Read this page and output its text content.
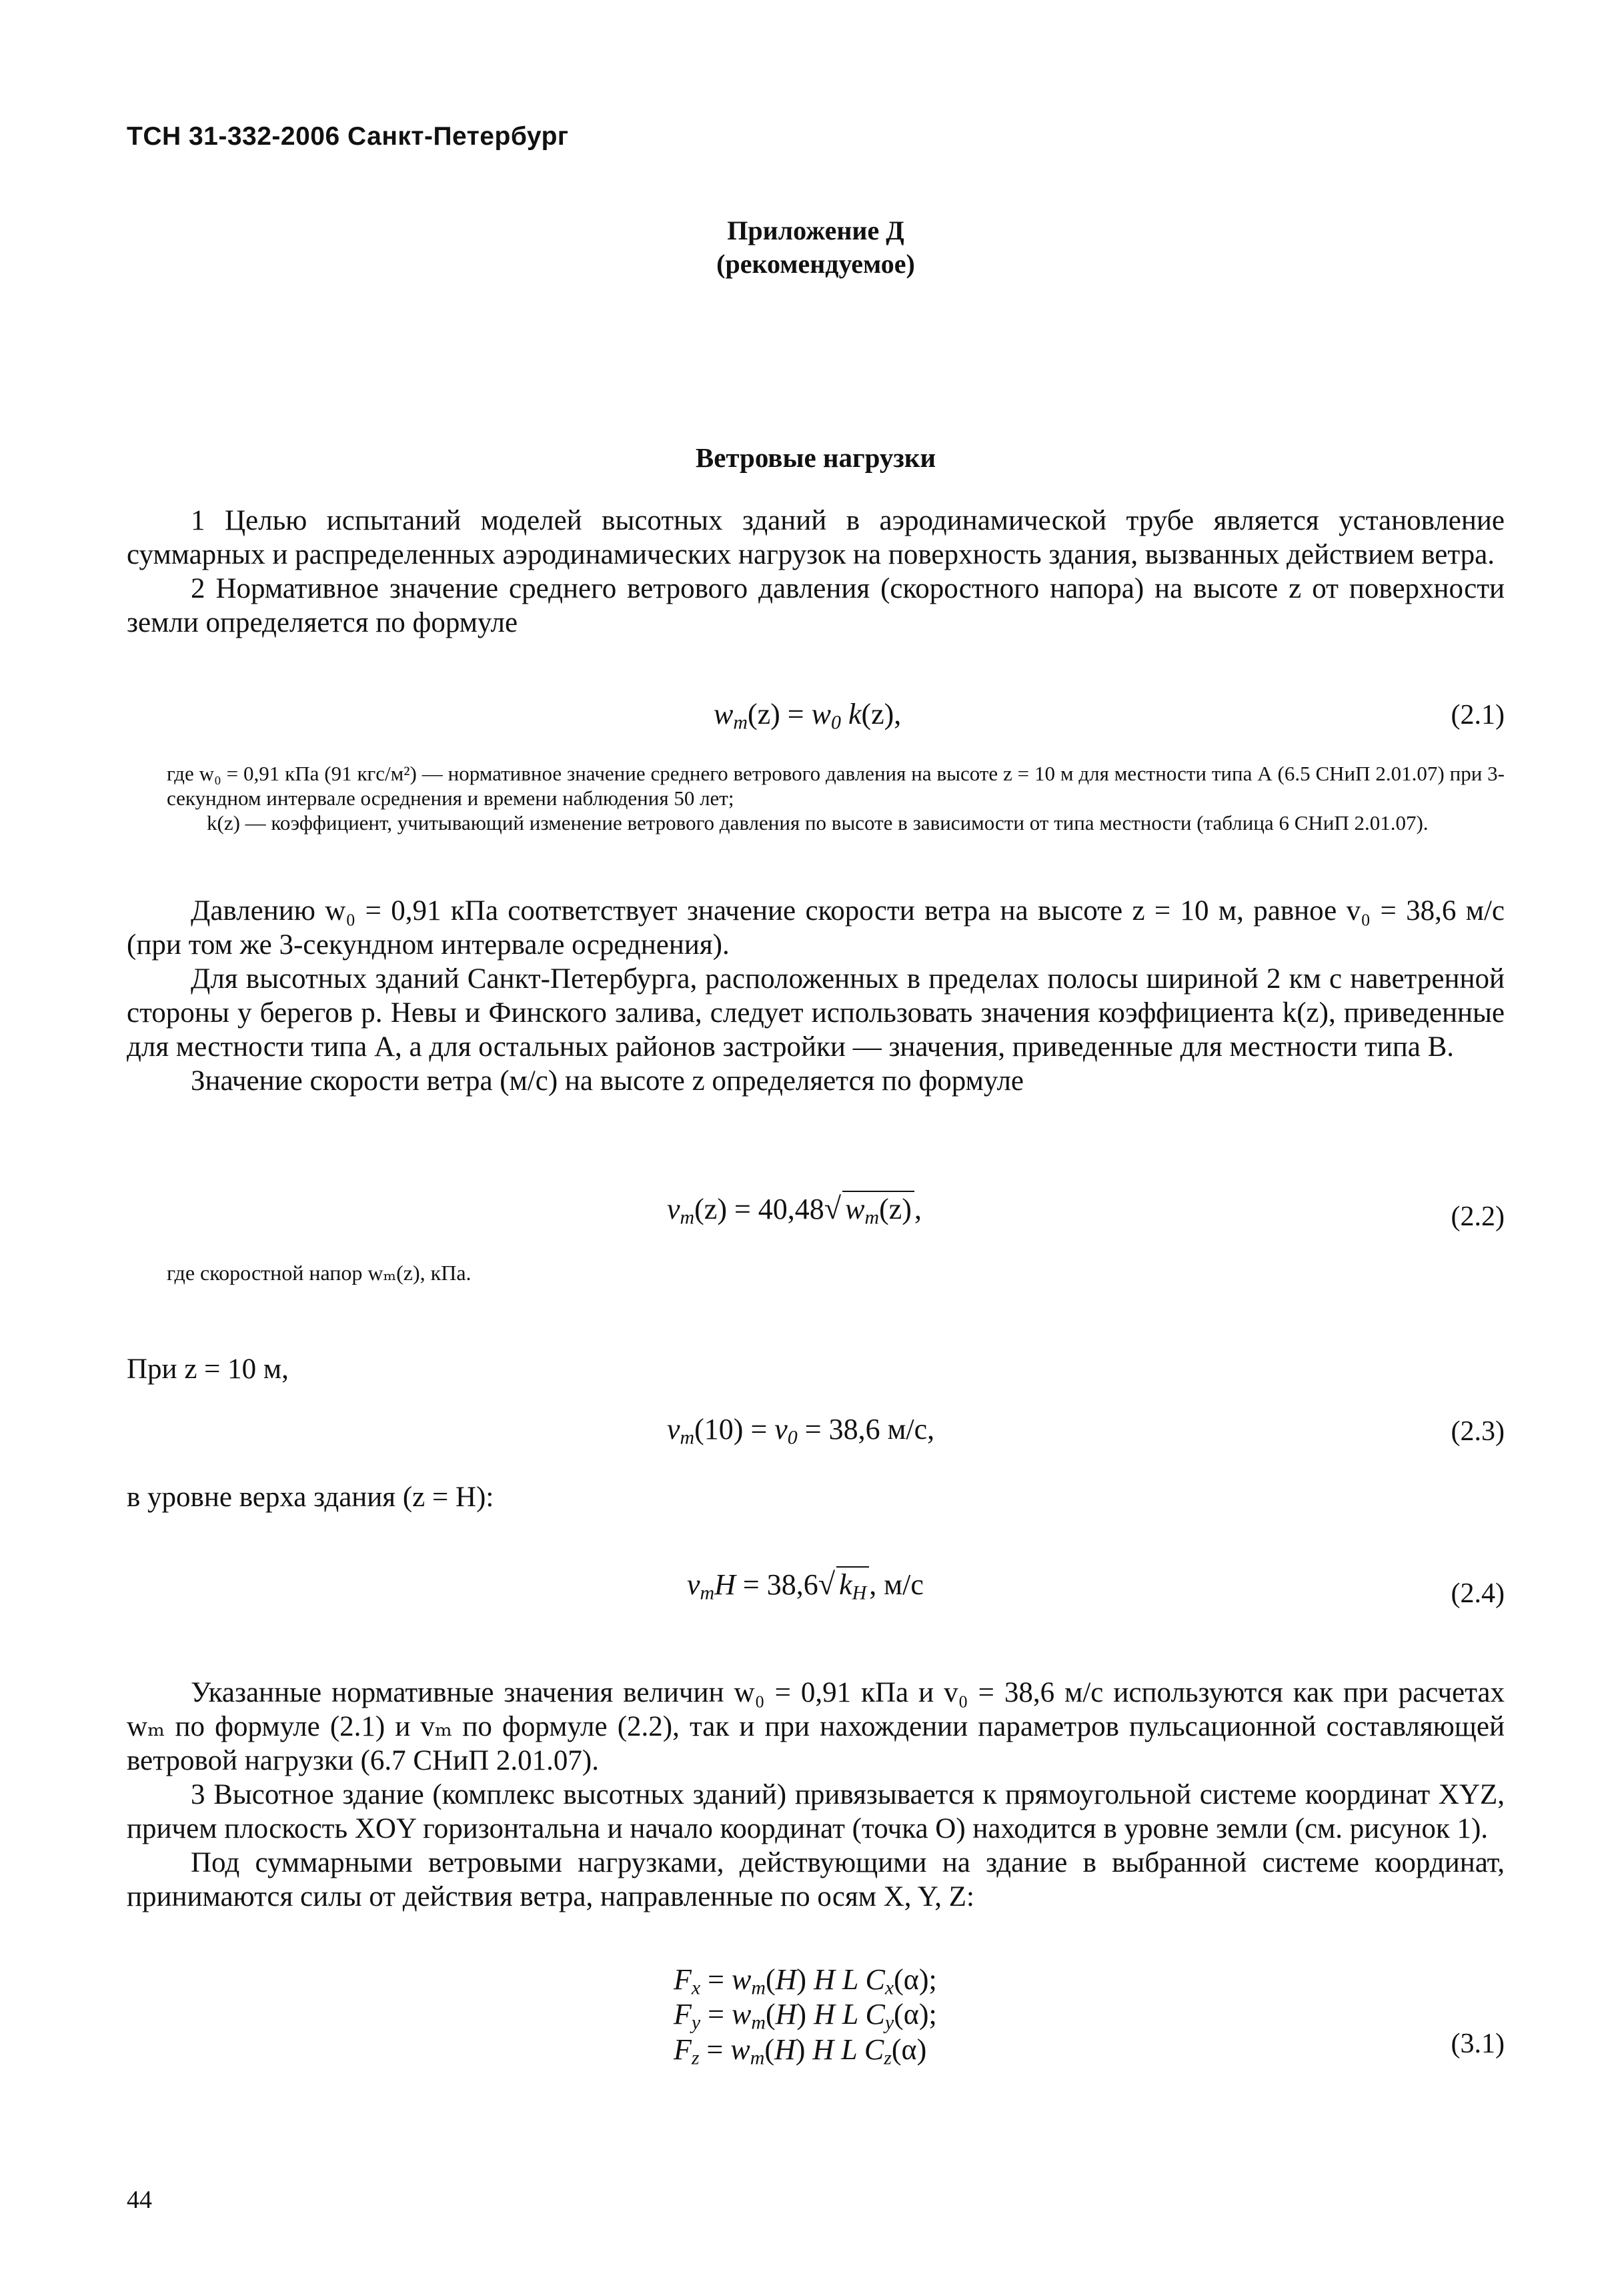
ТСН 31-332-2006 Санкт-Петербург
Приложение Д
(рекомендуемое)
Ветровые нагрузки

1 Целью испытаний моделей высотных зданий в аэродинамической трубе является установление суммарных и распределенных аэродинамических нагрузок на поверхность здания, вызванных действием ветра.

2 Нормативное значение среднего ветрового давления (скоростного напора) на высоте z от поверхности земли определяется по формуле

$w_m(z) = w_0$ k(z),	(2.1)

где w₀ = 0,91 кПа (91 кгс/м²) — нормативное значение среднего ветрового давления на высоте z = 10 м для местности типа А (6.5 СНиП 2.01.07) при 3-секундном интервале осреднения и времени наблюдения 50 лет;

k(z) — коэффициент, учитывающий изменение ветрового давления по высоте в зависимости от типа местности (таблица 6 СНиП 2.01.07).

Давлению w₀ = 0,91 кПа соответствует значение скорости ветра на высоте z = 10 м, равное v₀ = 38,6 м/с (при том же 3-секундном интервале осреднения).

Для высотных зданий Санкт-Петербурга, расположенных в пределах полосы шириной 2 км с наветренной стороны у берегов р. Невы и Финского залива, следует использовать значения коэффициента k(z), приведенные для местности типа А, а для остальных районов застройки — значения, приведенные для местности типа В.

Значение скорости ветра (м/с) на высоте z определяется по формуле

$v_m(z) = 40,48√$ $w_m(z)$,	(2.2)
где скоростной напор wₘ(z), кПа.
При z = 10 м,
$v_m(10) = v_0 = 38,6$ м/с,	(2.3)
в уровне верха здания (z = H):
$v_mH = 38,6√$ $k_H$, м/с	(2.4)

Указанные нормативные значения величин w₀ = 0,91 кПа и v₀ = 38,6 м/с используются как при расчетах wₘ по формуле (2.1) и vₘ по формуле (2.2), так и при нахождении параметров пульсационной составляющей ветровой нагрузки (6.7 СНиП 2.01.07).

3 Высотное здание (комплекс высотных зданий) привязывается к прямоугольной системе координат XYZ, причем плоскость XOY горизонтальна и начало координат (точка О) находится в уровне земли (см. рисунок 1).

Под суммарными ветровыми нагрузками, действующими на здание в выбранной системе координат, принимаются силы от действия ветра, направленные по осям X, Y, Z:

$F_x = w_m(H)$ H L $C_x(\alpha)$;
$F_y = w_m(H)$ H L $C_y(\alpha)$;
$F_z = w_m(H)$ H L $C_z(\alpha)$	(3.1)
44
